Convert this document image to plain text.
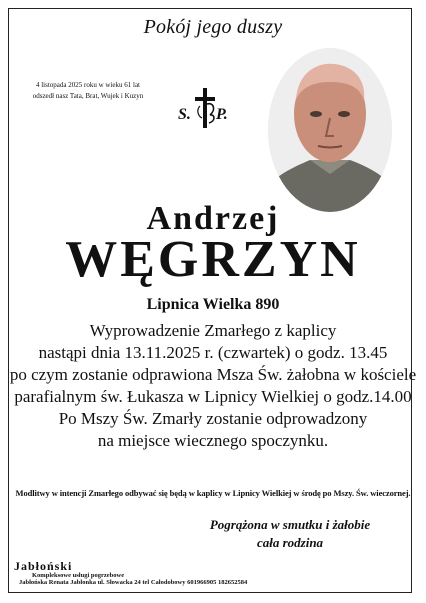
Pokój jego duszy
4 listopada 2025 roku w wieku 61 lat
odszedł nasz Tata, Brat, Wujek i Kuzyn
S. P.
Andrzej
WĘGRZYN
Lipnica Wielka 890
Wyprowadzenie Zmarłego z kaplicy
nastąpi dnia 13.11.2025 r. (czwartek) o godz. 13.45
po czym zostanie odprawiona Msza Św. żałobna w kościele
parafialnym św. Łukasza w Lipnicy Wielkiej o godz.14.00
Po Mszy Św. Zmarły zostanie odprowadzony
na miejsce wiecznego spoczynku.
Modlitwy w intencji Zmarłego odbywać się będą w kaplicy w Lipnicy Wielkiej w środę po Mszy. Św. wieczornej.
Pogrążona w smutku i żałobie
cała rodzina
Jabłoński
Kompleksowe usługi pogrzebowe
Jabłońska Renata Jabłonka ul. Słowacka 24 tel Całodobowy 601966905 182652584
